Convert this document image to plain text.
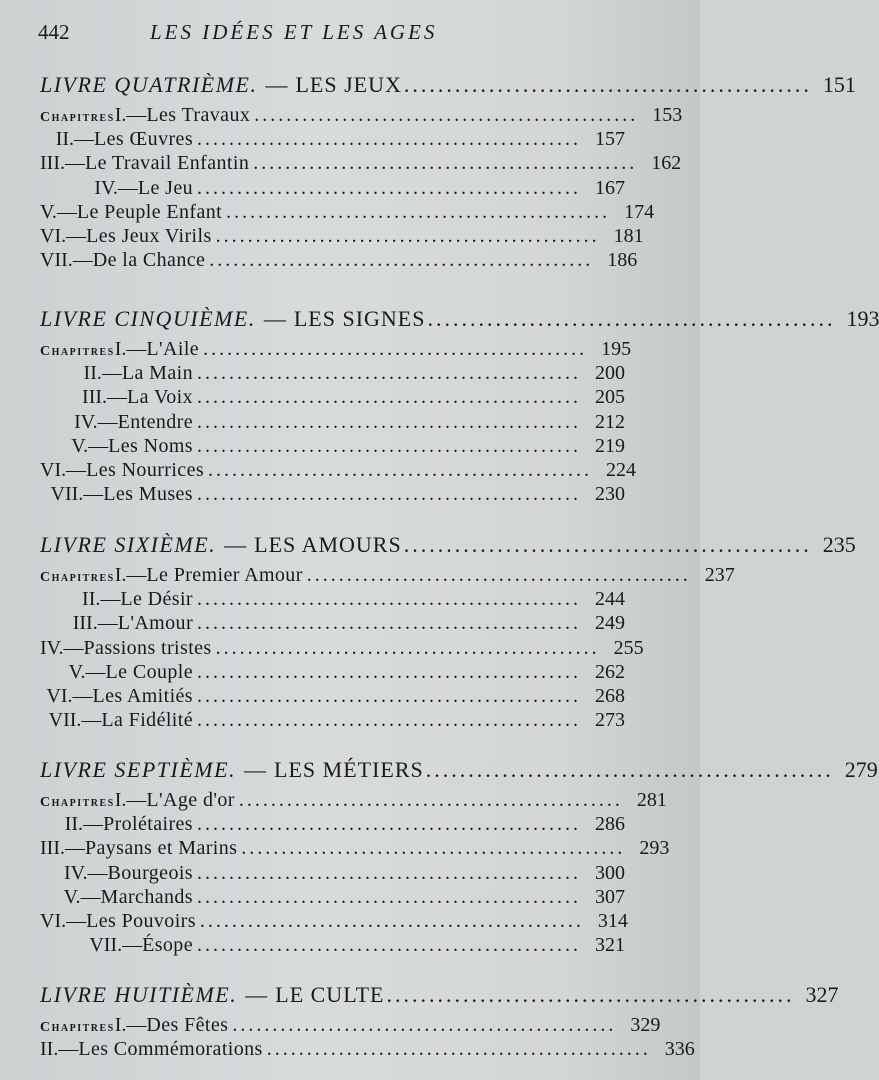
442	LES IDÉES ET LES AGES
LIVRE QUATRIÈME. — LES JEUX ................................................ 151
Chapitres I. — Les Travaux ................................................ 153
II. — Les Œuvres ................................................ 157
III. — Le Travail Enfantin ................................................ 162
IV. — Le Jeu ................................................ 167
V. — Le Peuple Enfant ................................................ 174
VI. — Les Jeux Virils ................................................ 181
VII. — De la Chance ................................................ 186
LIVRE CINQUIÈME. — LES SIGNES ................................................ 193
Chapitres I. — L'Aile ................................................ 195
II. — La Main ................................................ 200
III. — La Voix ................................................ 205
IV. — Entendre ................................................ 212
V. — Les Noms ................................................ 219
VI. — Les Nourrices ................................................ 224
VII. — Les Muses ................................................ 230
LIVRE SIXIÈME. — LES AMOURS ................................................ 235
Chapitres I. — Le Premier Amour ................................................ 237
II. — Le Désir ................................................ 244
III. — L'Amour ................................................ 249
IV. — Passions tristes ................................................ 255
V. — Le Couple ................................................ 262
VI. — Les Amitiés ................................................ 268
VII. — La Fidélité ................................................ 273
LIVRE SEPTIÈME. — LES MÉTIERS ................................................ 279
Chapitres I. — L'Age d'or ................................................ 281
II. — Prolétaires ................................................ 286
III. — Paysans et Marins ................................................ 293
IV. — Bourgeois ................................................ 300
V. — Marchands ................................................ 307
VI. — Les Pouvoirs ................................................ 314
VII. — Ésope ................................................ 321
LIVRE HUITIÈME. — LE CULTE ................................................ 327
Chapitres I. — Des Fêtes ................................................ 329
II. — Les Commémorations ................................................ 336
